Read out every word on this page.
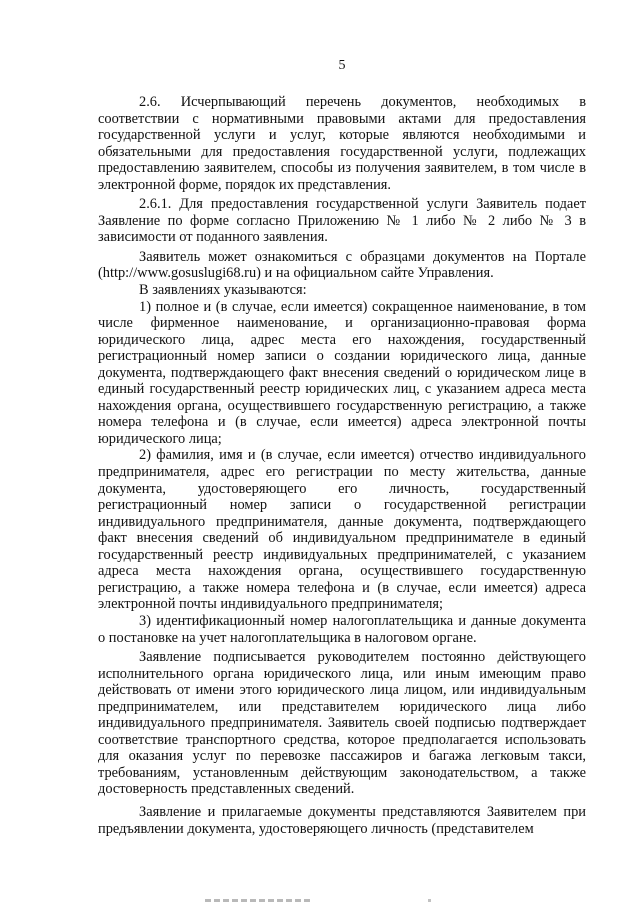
5

2.6. Исчерпывающий перечень документов, необходимых в соответствии с нормативными правовыми актами для предоставления государственной услуги и услуг, которые являются необходимыми и обязательными для предоставления государственной услуги, подлежащих предоставлению заявителем, способы из получения заявителем, в том числе в электронной форме, порядок их представления.

2.6.1. Для предоставления государственной услуги Заявитель подает Заявление по форме согласно Приложению № 1 либо № 2 либо № 3 в зависимости от поданного заявления.

Заявитель может ознакомиться с образцами документов на Портале (http://www.gosuslugi68.ru) и на официальном сайте Управления.

В заявлениях указываются:

1) полное и (в случае, если имеется) сокращенное наименование, в том числе фирменное наименование, и организационно-правовая форма юридического лица, адрес места его нахождения, государственный регистрационный номер записи о создании юридического лица, данные документа, подтверждающего факт внесения сведений о юридическом лице в единый государственный реестр юридических лиц, с указанием адреса места нахождения органа, осуществившего государственную регистрацию, а также номера телефона и (в случае, если имеется) адреса электронной почты юридического лица;

2) фамилия, имя и (в случае, если имеется) отчество индивидуального предпринимателя, адрес его регистрации по месту жительства, данные документа, удостоверяющего его личность, государственный регистрационный номер записи о государственной регистрации индивидуального предпринимателя, данные документа, подтверждающего факт внесения сведений об индивидуальном предпринимателе в единый государственный реестр индивидуальных предпринимателей, с указанием адреса места нахождения органа, осуществившего государственную регистрацию, а также номера телефона и (в случае, если имеется) адреса электронной почты индивидуального предпринимателя;

3) идентификационный номер налогоплательщика и данные документа о постановке на учет налогоплательщика в налоговом органе.

Заявление подписывается руководителем постоянно действующего исполнительного органа юридического лица, или иным имеющим право действовать от имени этого юридического лица лицом, или индивидуальным предпринимателем, или представителем юридического лица либо индивидуального предпринимателя. Заявитель своей подписью подтверждает соответствие транспортного средства, которое предполагается использовать для оказания услуг по перевозке пассажиров и багажа легковым такси, требованиям, установленным действующим законодательством, а также достоверность представленных сведений.

Заявление и прилагаемые документы представляются Заявителем при предъявлении документа, удостоверяющего личность (представителем
